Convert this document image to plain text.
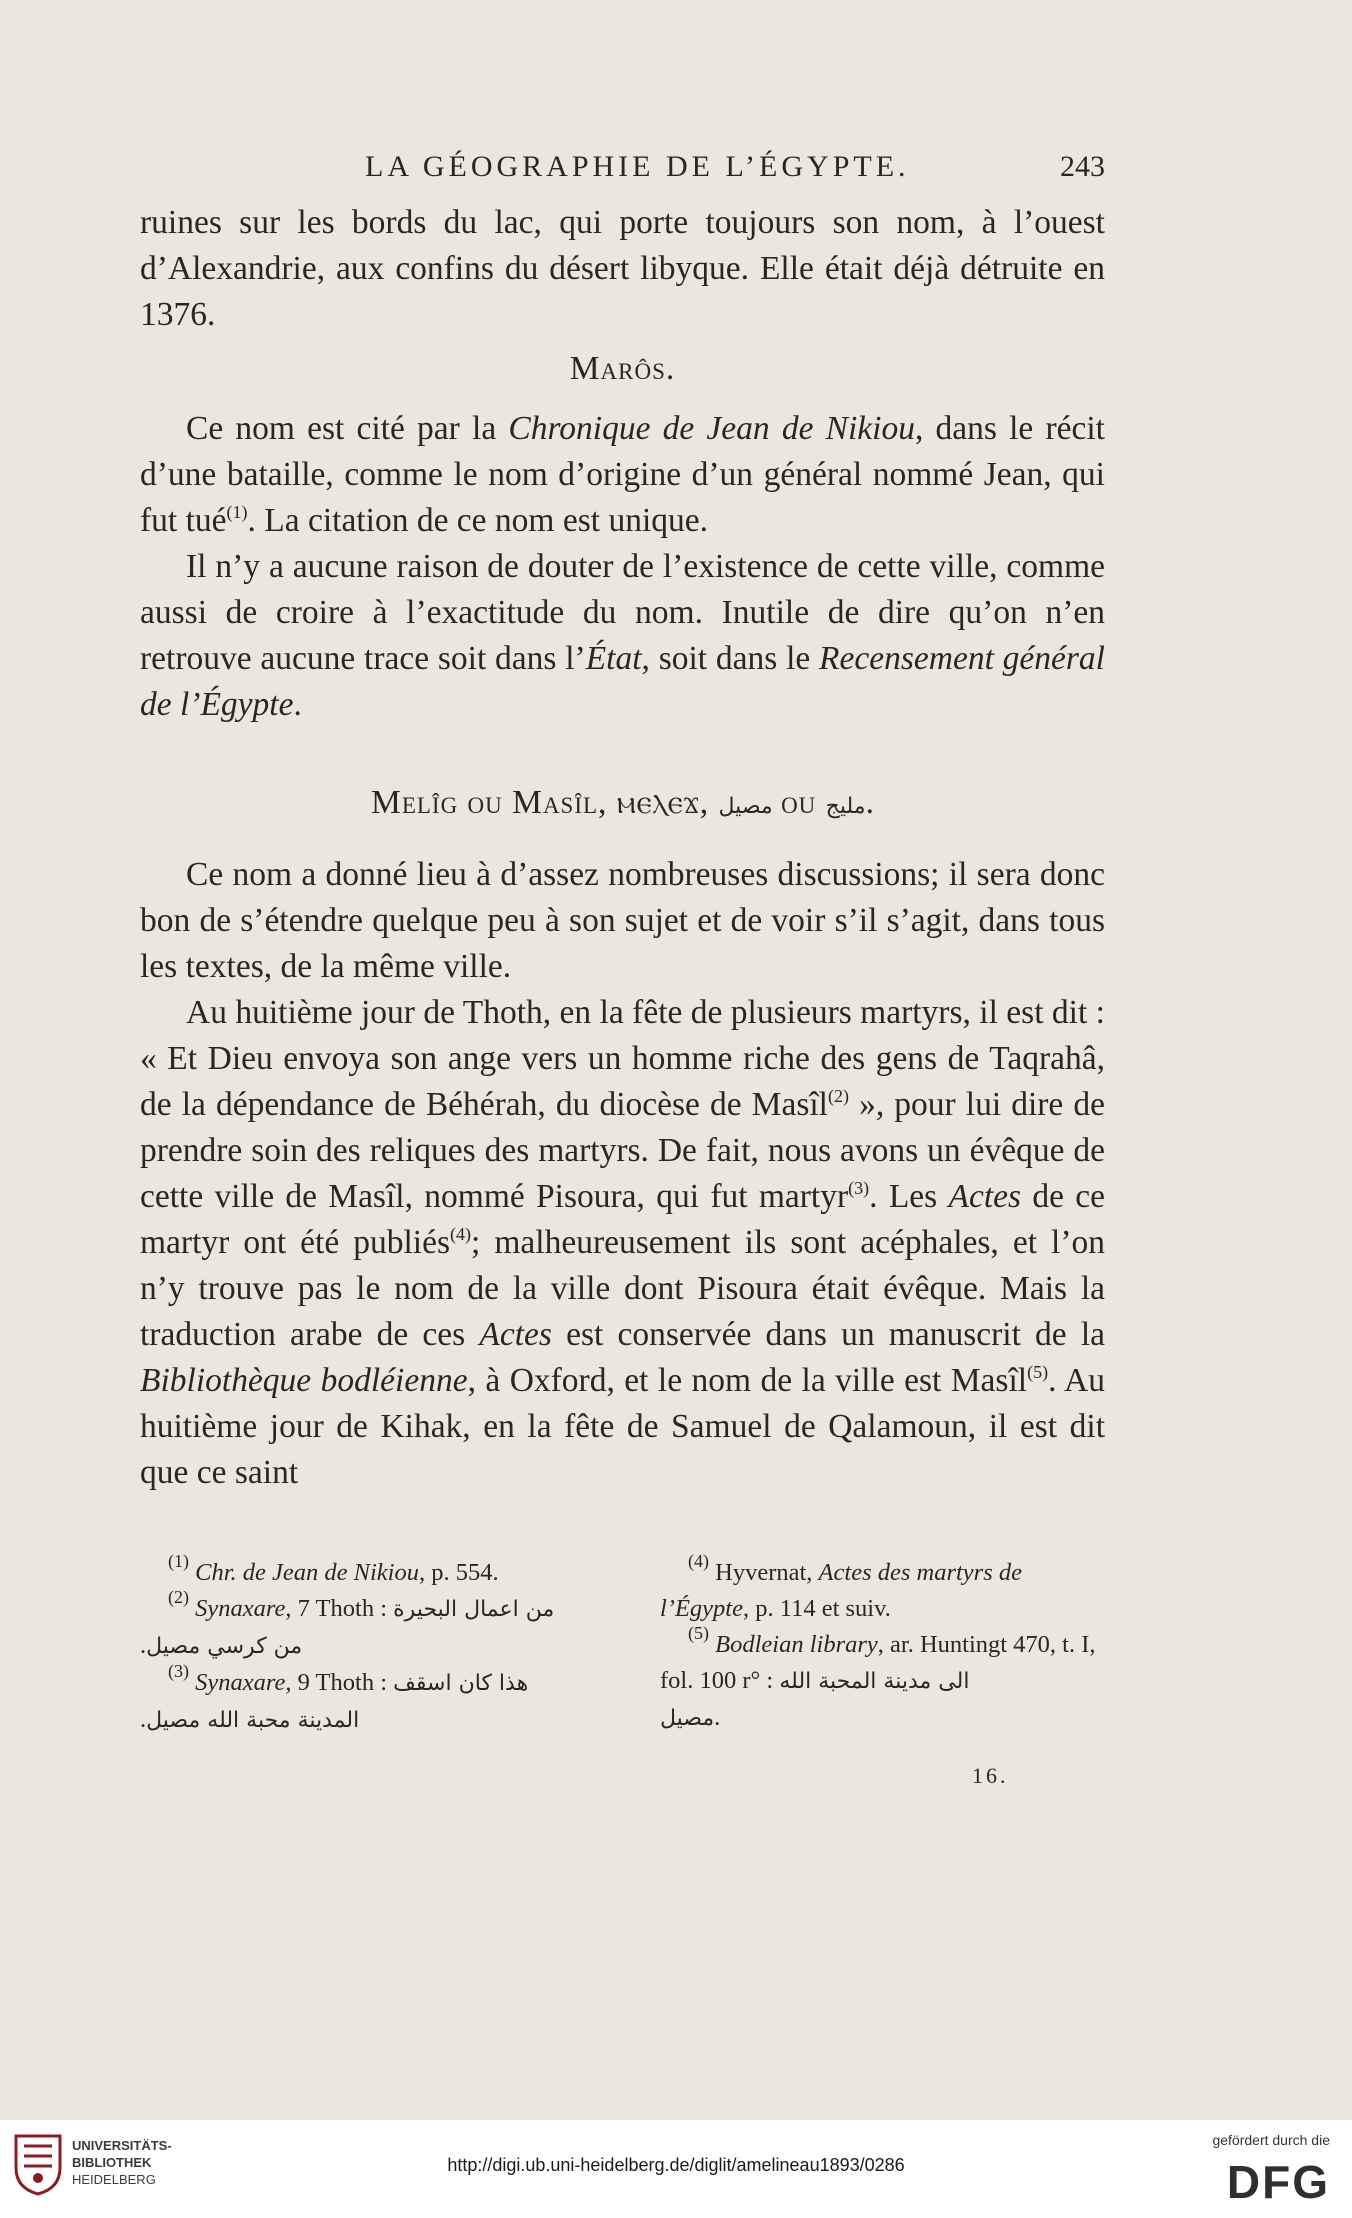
LA GÉOGRAPHIE DE L’ÉGYPTE.	243

ruines sur les bords du lac, qui porte toujours son nom, à l’ouest d’Alexandrie, aux confins du désert libyque. Elle était déjà détruite en 1376.

Marôs.

Ce nom est cité par la Chronique de Jean de Nikiou, dans le récit d’une bataille, comme le nom d’origine d’un général nommé Jean, qui fut tué$^{(1)}$. La citation de ce nom est unique.

Il n’y a aucune raison de douter de l’existence de cette ville, comme aussi de croire à l’exactitude du nom. Inutile de dire qu’on n’en retrouve aucune trace soit dans l’État, soit dans le Recensement général de l’Égypte.

Melîg ou Masîl, ⲙⲉⲗⲉϫ, مصيل ou مليج.

Ce nom a donné lieu à d’assez nombreuses discussions; il sera donc bon de s’étendre quelque peu à son sujet et de voir s’il s’agit, dans tous les textes, de la même ville.

Au huitième jour de Thoth, en la fête de plusieurs martyrs, il est dit : « Et Dieu envoya son ange vers un homme riche des gens de Taqrahâ, de la dépendance de Béhérah, du diocèse de Masîl$^{(2)}$ », pour lui dire de prendre soin des reliques des martyrs. De fait, nous avons un évêque de cette ville de Masîl, nommé Pisoura, qui fut martyr$^{(3)}$. Les Actes de ce martyr ont été publiés$^{(4)}$; malheureusement ils sont acéphales, et l’on n’y trouve pas le nom de la ville dont Pisoura était évêque. Mais la traduction arabe de ces Actes est conservée dans un manuscrit de la Bibliothèque bodléienne, à Oxford, et le nom de la ville est Masîl$^{(5)}$. Au huitième jour de Kihak, en la fête de Samuel de Qalamoun, il est dit que ce saint

$^{(1)}$ Chr. de Jean de Nikiou, p. 554.

$^{(2)}$ Synaxare, 7 Thoth : من اعمال البحيرة

من كرسي مصيل.

$^{(3)}$ Synaxare, 9 Thoth : هذا كان اسقف

المدينة محبة الله مصيل.

$^{(4)}$ Hyvernat, Actes des martyrs de l’Égypte, p. 114 et suiv.

$^{(5)}$ Bodleian library, ar. Huntingt 470, t. I, fol. 100 r° : الى مدينة المحبة الله

مصيل.

16.
UNIVERSITÄTS-
BIBLIOTHEK
HEIDELBERG
http://digi.ub.uni-heidelberg.de/diglit/amelineau1893/0286
gefördert durch die
DFG
